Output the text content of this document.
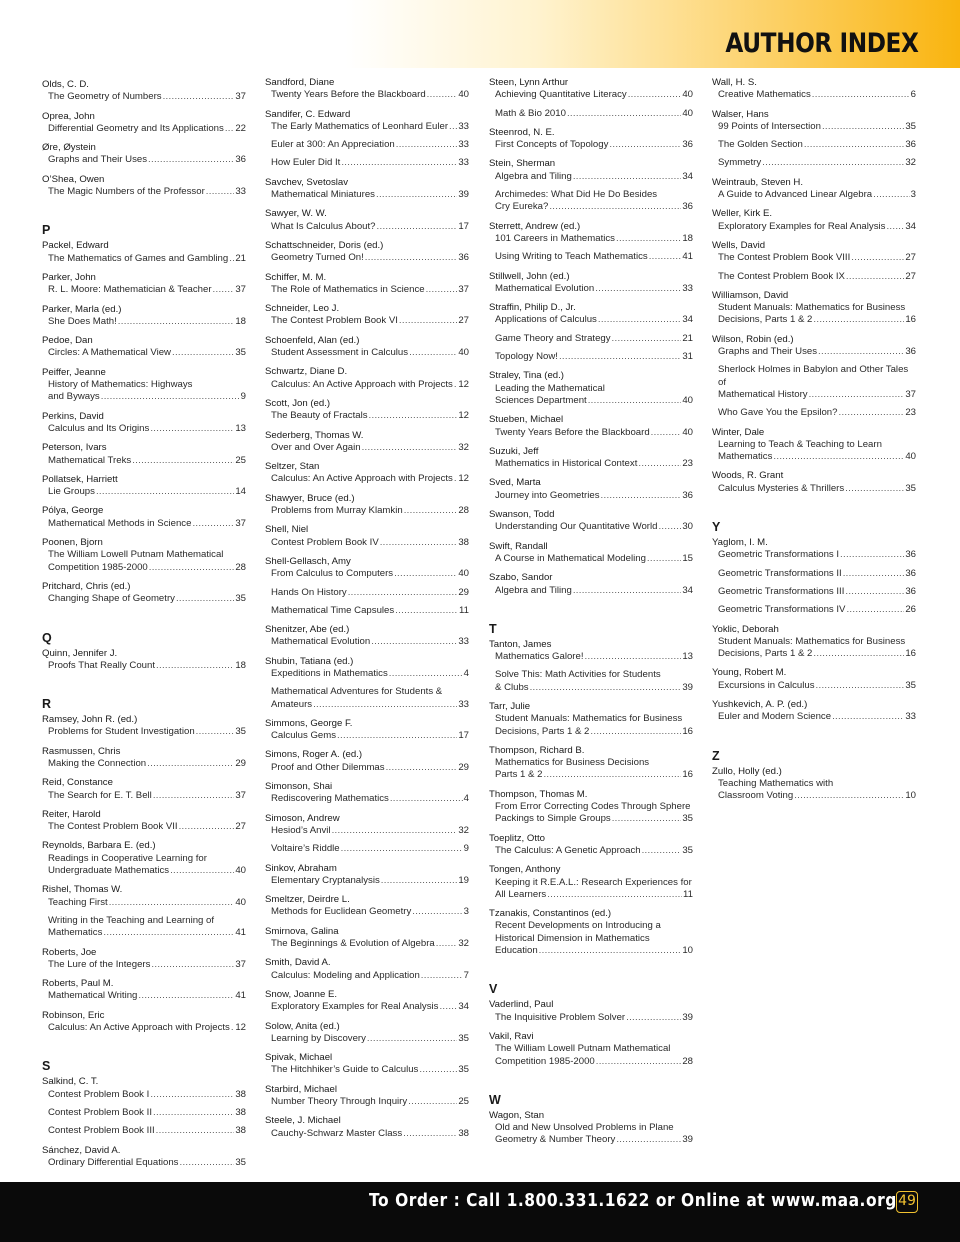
AUTHOR INDEX
Olds, C. D.
The Geometry of Numbers .....	37
Oprea, John
Differential Geometry and Its Applications ..... 22
Øre, Øystein
Graphs and Their Uses .....	36
O’Shea, Owen
The Magic Numbers of the Professor .....	33
P
Packel, Edward
The Mathematics of Games and Gambling ..... 21
Parker, John
R. L. Moore: Mathematician & Teacher ..... 37
Parker, Marla (ed.)
She Does Math! .....	18
Pedoe, Dan
Circles: A Mathematical View .....	35
Peiffer, Jeanne
History of Mathematics: Highways
and Byways .....	9
Perkins, David
Calculus and Its Origins .....	13
Peterson, Ivars
Mathematical Treks .....	25
Pollatsek, Harriett
Lie Groups .....	14
Pólya, George
Mathematical Methods in Science .....	37
Poonen, Bjorn
The William Lowell Putnam Mathematical
Competition 1985-2000 .....	28
Pritchard, Chris (ed.)
Changing Shape of Geometry .....	35
Q
Quinn, Jennifer J.
Proofs That Really Count .....	18
R
Ramsey, John R. (ed.)
Problems for Student Investigation .....	35
Rasmussen, Chris
Making the Connection .....	29
Reid, Constance
The Search for E. T. Bell .....	37
Reiter, Harold
The Contest Problem Book VII .....	27
Reynolds, Barbara E. (ed.)
Readings in Cooperative Learning for
Undergraduate Mathematics .....	40
Rishel, Thomas W.
Teaching First .....	40
Writing in the Teaching and Learning of
Mathematics .....	41
Roberts, Joe
The Lure of the Integers .....	37
Roberts, Paul M.
Mathematical Writing .....	41
Robinson, Eric
Calculus: An Active Approach with Projects ..... 12
S
Salkind, C. T.
Contest Problem Book I .....	38
Contest Problem Book II .....	38
Contest Problem Book III .....	38
Sánchez, David A.
Ordinary Differential Equations .....	35
Sandford, Diane
Twenty Years Before the Blackboard .....	40
Sandifer, C. Edward
The Early Mathematics of Leonhard Euler ..... 33
Euler at 300: An Appreciation .....	33
How Euler Did It .....	33
Savchev, Svetoslav
Mathematical Miniatures .....	39
Sawyer, W. W.
What Is Calculus About? .....	17
Schattschneider, Doris (ed.)
Geometry Turned On! .....	36
Schiffer, M. M.
The Role of Mathematics in Science .....	37
Schneider, Leo J.
The Contest Problem Book VI .....	27
Schoenfeld, Alan (ed.)
Student Assessment in Calculus .....	40
Schwartz, Diane D.
Calculus: An Active Approach with Projects ..... 12
Scott, Jon (ed.)
The Beauty of Fractals .....	12
Sederberg, Thomas W.
Over and Over Again .....	32
Seltzer, Stan
Calculus: An Active Approach with Projects ..... 12
Shawyer, Bruce (ed.)
Problems from Murray Klamkin .....	28
Shell, Niel
Contest Problem Book IV .....	38
Shell-Gellasch, Amy
From Calculus to Computers .....	40
Hands On History .....	29
Mathematical Time Capsules .....	11
Shenitzer, Abe (ed.)
Mathematical Evolution .....	33
Shubin, Tatiana (ed.)
Expeditions in Mathematics .....	4
Mathematical Adventures for Students &
Amateurs .....	33
Simmons, George F.
Calculus Gems .....	17
Simons, Roger A. (ed.)
Proof and Other Dilemmas .....	29
Simonson, Shai
Rediscovering Mathematics .....	4
Simoson, Andrew
Hesiod’s Anvil .....	32
Voltaire’s Riddle .....	9
Sinkov, Abraham
Elementary Cryptanalysis .....	19
Smeltzer, Deirdre L.
Methods for Euclidean Geometry .....	3
Smirnova, Galina
The Beginnings & Evolution of Algebra ..... 32
Smith, David A.
Calculus: Modeling and Application .....	7
Snow, Joanne E.
Exploratory Examples for Real Analysis ..... 34
Solow, Anita (ed.)
Learning by Discovery .....	35
Spivak, Michael
The Hitchhiker’s Guide to Calculus .....	35
Starbird, Michael
Number Theory Through Inquiry .....	25
Steele, J. Michael
Cauchy-Schwarz Master Class .....	38
Steen, Lynn Arthur
Achieving Quantitative Literacy .....	40
Math & Bio 2010 .....	40
Steenrod, N. E.
First Concepts of Topology .....	36
Stein, Sherman
Algebra and Tiling .....	34
Archimedes: What Did He Do Besides
Cry Eureka? .....	36
Sterrett, Andrew (ed.)
101 Careers in Mathematics .....	18
Using Writing to Teach Mathematics .....	41
Stillwell, John (ed.)
Mathematical Evolution .....	33
Straffin, Philip D., Jr.
Applications of Calculus .....	34
Game Theory and Strategy .....	21
Topology Now! .....	31
Straley, Tina (ed.)
Leading the Mathematical
Sciences Department .....	40
Stueben, Michael
Twenty Years Before the Blackboard .....	40
Suzuki, Jeff
Mathematics in Historical Context .....	23
Sved, Marta
Journey into Geometries .....	36
Swanson, Todd
Understanding Our Quantitative World .....	30
Swift, Randall
A Course in Mathematical Modeling .....	15
Szabo, Sandor
Algebra and Tiling .....	34
T
Tanton, James
Mathematics Galore! .....	13
Solve This: Math Activities for Students
& Clubs .....	39
Tarr, Julie
Student Manuals: Mathematics for Business
Decisions, Parts 1 & 2 .....	16
Thompson, Richard B.
Mathematics for Business Decisions
Parts 1 & 2 .....	16
Thompson, Thomas M.
From Error Correcting Codes Through Sphere
Packings to Simple Groups .....	35
Toeplitz, Otto
The Calculus: A Genetic Approach .....	35
Tongen, Anthony
Keeping it R.E.A.L.: Research Experiences for
All Learners .....	11
Tzanakis, Constantinos (ed.)
Recent Developments on Introducing a
Historical Dimension in Mathematics
Education .....	10
V
Vaderlind, Paul
The Inquisitive Problem Solver .....	39
Vakil, Ravi
The William Lowell Putnam Mathematical
Competition 1985-2000 .....	28
W
Wagon, Stan
Old and New Unsolved Problems in Plane
Geometry & Number Theory .....	39
Wall, H. S.
Creative Mathematics .....	6
Walser, Hans
99 Points of Intersection .....	35
The Golden Section .....	36
Symmetry .....	32
Weintraub, Steven H.
A Guide to Advanced Linear Algebra .....	3
Weller, Kirk E.
Exploratory Examples for Real Analysis ..... 34
Wells, David
The Contest Problem Book VIII .....	27
The Contest Problem Book IX .....	27
Williamson, David
Student Manuals: Mathematics for Business
Decisions, Parts 1 & 2 .....	16
Wilson, Robin (ed.)
Graphs and Their Uses .....	36
Sherlock Holmes in Babylon and Other Tales of
Mathematical History .....	37
Who Gave You the Epsilon? .....	23
Winter, Dale
Learning to Teach & Teaching to Learn
Mathematics .....	40
Woods, R. Grant
Calculus Mysteries & Thrillers .....	35
Y
Yaglom, I. M.
Geometric Transformations I .....	36
Geometric Transformations II .....	36
Geometric Transformations III .....	36
Geometric Transformations IV .....	26
Yoklic, Deborah
Student Manuals: Mathematics for Business
Decisions, Parts 1 & 2 .....	16
Young, Robert M.
Excursions in Calculus .....	35
Yushkevich, A. P. (ed.)
Euler and Modern Science .....	33
Z
Zullo, Holly (ed.)
Teaching Mathematics with
Classroom Voting .....	10
To Order : Call 1.800.331.1622 or Online at www.maa.org 49
